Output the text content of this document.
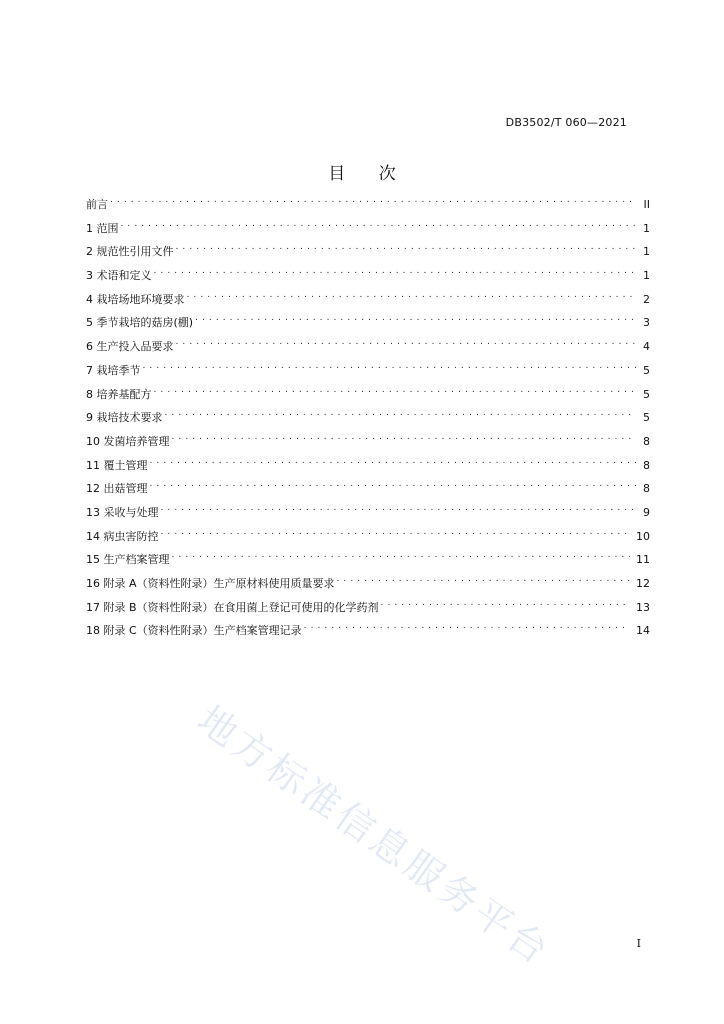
DB3502/T 060—2021
目 次
前言 . . .	II
1 范围 . . .	1
2 规范性引用文件 . . .	1
3 术语和定义 . . .	1
4 栽培场地环境要求 . . .	2
5 季节栽培的菇房(棚) . . .	3
6 生产投入品要求 . . .	4
7 栽培季节 . . .	5
8 培养基配方 . . .	5
9 栽培技术要求 . . .	5
10 发菌培养管理 . . .	8
11 覆土管理 . . .	8
12 出菇管理 . . .	8
13 采收与处理 . . .	9
14 病虫害防控 . . .	10
15 生产档案管理 . . .	11
16 附录 A（资料性附录）生产原材料使用质量要求 . . .	12
17 附录 B（资料性附录）在食用菌上登记可使用的化学药剂 . . .	13
18 附录 C（资料性附录）生产档案管理记录 . . .	14
地方标准信息服务平台	I
